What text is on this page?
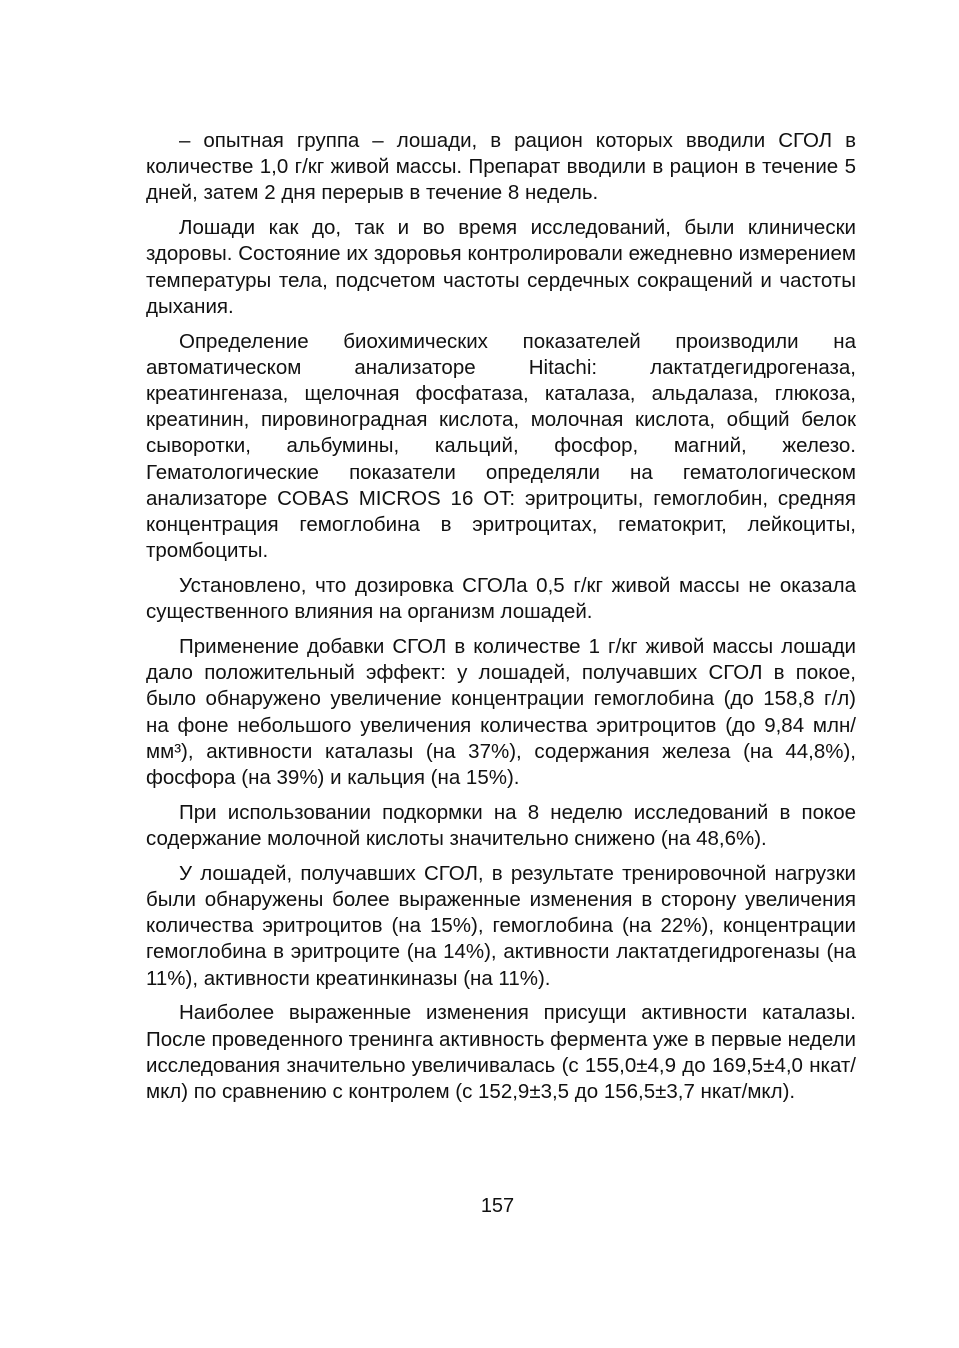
– опытная группа – лошади, в рацион которых вводили СГОЛ в количестве 1,0 г/кг живой массы. Препарат вводили в рацион в течение 5 дней, затем 2 дня перерыв в течение 8 недель.

Лошади как до, так и во время исследований, были клинически здоровы. Состояние их здоровья контролировали ежедневно измерением температуры тела, подсчетом частоты сердечных сокращений и частоты дыхания.

Определение биохимических показателей производили на автоматическом анализаторе Hitachi: лактатдегидрогеназа, креатингеназа, щелочная фосфатаза, каталаза, альдалаза, глюкоза, креатинин, пировиноградная кислота, молочная кислота, общий белок сыворотки, альбумины, кальций, фосфор, магний, железо. Гематологические показатели определяли на гематологическом анализаторе COBAS MICROS 16 OT: эритроциты, гемоглобин, средняя концентрация гемоглобина в эритроцитах, гематокрит, лейкоциты, тромбоциты.

Установлено, что дозировка СГОЛа 0,5 г/кг живой массы не оказала существенного влияния на организм лошадей.

Применение добавки СГОЛ в количестве 1 г/кг живой массы лошади дало положительный эффект: у лошадей, получавших СГОЛ в покое, было обнаружено увеличение концентрации гемоглобина (до 158,8 г/л) на фоне небольшого увеличения количества эритроцитов (до 9,84 млн/мм³), активности каталазы (на 37%), содержания железа (на 44,8%), фосфора (на 39%) и кальция (на 15%).

При использовании подкормки на 8 неделю исследований в покое содержание молочной кислоты значительно снижено (на 48,6%).

У лошадей, получавших СГОЛ, в результате тренировочной нагрузки были обнаружены более выраженные изменения в сторону увеличения количества эритроцитов (на 15%), гемоглобина (на 22%), концентрации гемоглобина в эритроците (на 14%), активности лактатдегидрогеназы (на 11%), активности креатинкиназы (на 11%).

Наиболее выраженные изменения присущи активности каталазы. После проведенного тренинга активность фермента уже в первые недели исследования значительно увеличивалась (с 155,0±4,9 до 169,5±4,0 нкат/мкл) по сравнению с контролем (с 152,9±3,5 до 156,5±3,7 нкат/мкл).

157
